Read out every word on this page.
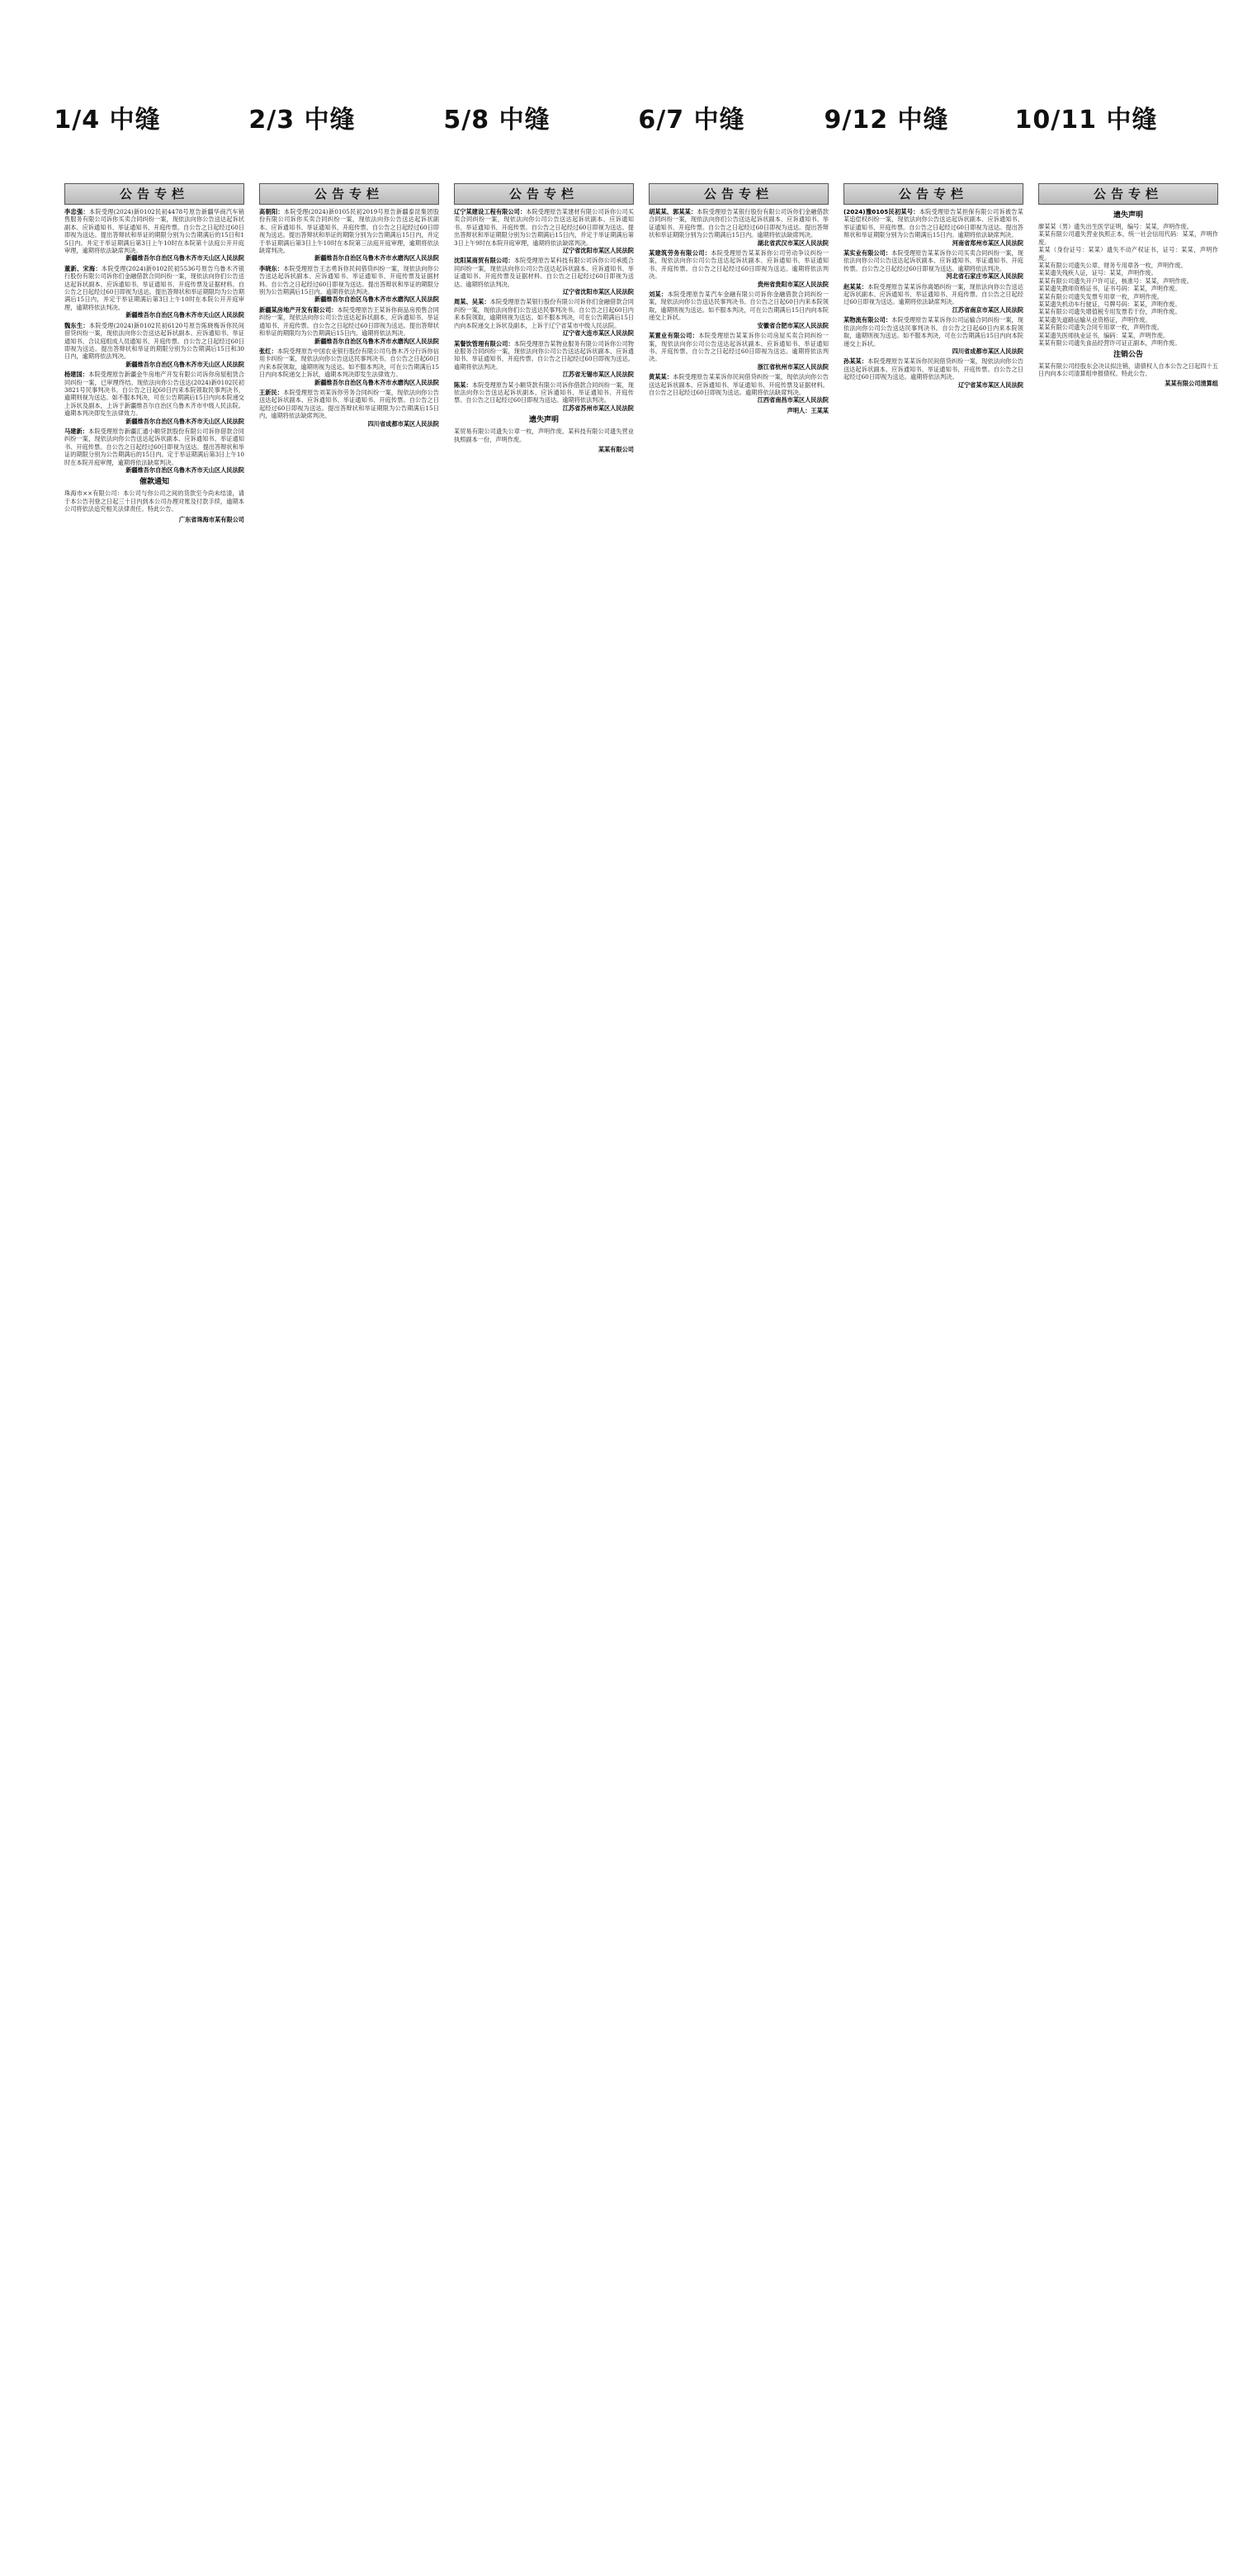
1/4 中缝	2/3 中缝	5/8 中缝	6/7 中缝	9/12 中缝	10/11 中缝
公告专栏

李忠强：本院受理(2024)新0102民初4478号原告新疆华商汽车销售服务有限公司诉你买卖合同纠纷一案，现依法向你公告送达起诉状副本、应诉通知书、举证通知书、开庭传票。自公告之日起经过60日即视为送达。提出答辩状和举证的期限分别为公告期满后的15日和15日内。并定于举证期满后第3日上午10时在本院第十法庭公开开庭审理，逾期将依法缺席判决。
新疆维吾尔自治区乌鲁木齐市天山区人民法院

董新、宋海：本院受理(2024)新0102民初5536号原告乌鲁木齐银行股份有限公司诉你们金融借款合同纠纷一案，现依法向你们公告送达起诉状副本、应诉通知书、举证通知书、开庭传票及证据材料。自公告之日起经过60日即视为送达。提出答辩状和举证期限均为公告期满后15日内，并定于举证期满后第3日上午10时在本院公开开庭审理，逾期将依法判决。
新疆维吾尔自治区乌鲁木齐市天山区人民法院

魏东生：本院受理(2024)新0102民初6120号原告陈晓梅诉你民间借贷纠纷一案，现依法向你公告送达起诉状副本、应诉通知书、举证通知书、合议庭组成人员通知书、开庭传票。自公告之日起经过60日即视为送达。提出答辩状和举证的期限分别为公告期满后15日和30日内，逾期将依法判决。
新疆维吾尔自治区乌鲁木齐市天山区人民法院

杨建国：本院受理原告新疆金牛房地产开发有限公司诉你房屋租赁合同纠纷一案，已审理终结。现依法向你公告送达(2024)新0102民初3821号民事判决书。自公告之日起60日内来本院领取民事判决书，逾期则视为送达。如不服本判决，可在公告期满后15日内向本院递交上诉状及副本，上诉于新疆维吾尔自治区乌鲁木齐市中级人民法院。逾期本判决即发生法律效力。
新疆维吾尔自治区乌鲁木齐市天山区人民法院

马建新：本院受理原告新疆汇通小额贷款股份有限公司诉你借款合同纠纷一案，现依法向你公告送达起诉状副本、应诉通知书、举证通知书、开庭传票。自公告之日起经过60日即视为送达。提出答辩状和举证的期限分别为公告期满后的15日内。定于举证期满后第3日上午10时在本院开庭审理，逾期将依法缺席判决。
新疆维吾尔自治区乌鲁木齐市天山区人民法院

催款通知

珠海市××有限公司：本公司与你公司之间的货款至今尚未结清，请于本公告刊登之日起三十日内到本公司办理对账及付款手续，逾期本公司将依法追究相关法律责任。特此公告。

广东省珠海市某有限公司
公告专栏

高朝阳：本院受理(2024)新0105民初2019号原告新疆泰昆集团股份有限公司诉你买卖合同纠纷一案，现依法向你公告送达起诉状副本、应诉通知书、举证通知书、开庭传票。自公告之日起经过60日即视为送达。提出答辩状和举证的期限分别为公告期满后15日内，并定于举证期满后第3日上午10时在本院第三法庭开庭审理，逾期将依法缺席判决。
新疆维吾尔自治区乌鲁木齐市水磨沟区人民法院

李晓东：本院受理原告王志勇诉你民间借贷纠纷一案，现依法向你公告送达起诉状副本、应诉通知书、举证通知书、开庭传票及证据材料。自公告之日起经过60日即视为送达。提出答辩状和举证的期限分别为公告期满后15日内。逾期将依法判决。
新疆维吾尔自治区乌鲁木齐市水磨沟区人民法院

新疆某房地产开发有限公司：本院受理原告王某诉你商品房预售合同纠纷一案，现依法向你公司公告送达起诉状副本、应诉通知书、举证通知书、开庭传票。自公告之日起经过60日即视为送达。提出答辩状和举证的期限均为公告期满后15日内。逾期将依法判决。
新疆维吾尔自治区乌鲁木齐市水磨沟区人民法院

张红：本院受理原告中国农业银行股份有限公司乌鲁木齐分行诉你信用卡纠纷一案，现依法向你公告送达民事判决书。自公告之日起60日内来本院领取，逾期则视为送达。如不服本判决，可在公告期满后15日内向本院递交上诉状，逾期本判决即发生法律效力。
新疆维吾尔自治区乌鲁木齐市水磨沟区人民法院

王新民：本院受理原告刘某诉你劳务合同纠纷一案，现依法向你公告送达起诉状副本、应诉通知书、举证通知书、开庭传票。自公告之日起经过60日即视为送达。提出答辩状和举证期限为公告期满后15日内，逾期将依法缺席判决。
四川省成都市某区人民法院

公告专栏

辽宁某建设工程有限公司：本院受理原告某建材有限公司诉你公司买卖合同纠纷一案，现依法向你公司公告送达起诉状副本、应诉通知书、举证通知书、开庭传票。自公告之日起经过60日即视为送达。提出答辩状和举证期限分别为公告期满后15日内，并定于举证期满后第3日上午9时在本院开庭审理，逾期将依法缺席判决。
辽宁省沈阳市某区人民法院

沈阳某商贸有限公司：本院受理原告某科技有限公司诉你公司承揽合同纠纷一案，现依法向你公司公告送达起诉状副本、应诉通知书、举证通知书、开庭传票及证据材料。自公告之日起经过60日即视为送达。逾期将依法判决。
辽宁省沈阳市某区人民法院

周某、吴某：本院受理原告某银行股份有限公司诉你们金融借款合同纠纷一案，现依法向你们公告送达民事判决书。自公告之日起60日内来本院领取，逾期则视为送达。如不服本判决，可在公告期满后15日内向本院递交上诉状及副本，上诉于辽宁省某市中级人民法院。
辽宁省大连市某区人民法院

某餐饮管理有限公司：本院受理原告某物业服务有限公司诉你公司物业服务合同纠纷一案，现依法向你公司公告送达起诉状副本、应诉通知书、举证通知书、开庭传票。自公告之日起经过60日即视为送达。逾期将依法判决。
江苏省无锡市某区人民法院

陈某：本院受理原告某小额贷款有限公司诉你借款合同纠纷一案，现依法向你公告送达起诉状副本、应诉通知书、举证通知书、开庭传票。自公告之日起经过60日即视为送达。逾期将依法判决。
江苏省苏州市某区人民法院

遗失声明

某贸易有限公司遗失公章一枚，声明作废。某科技有限公司遗失营业执照副本一份，声明作废。

某某有限公司
公告专栏

胡某某、郭某某：本院受理原告某银行股份有限公司诉你们金融借款合同纠纷一案，现依法向你们公告送达起诉状副本、应诉通知书、举证通知书、开庭传票。自公告之日起经过60日即视为送达。提出答辩状和举证期限分别为公告期满后15日内。逾期将依法缺席判决。
湖北省武汉市某区人民法院

某建筑劳务有限公司：本院受理原告某某诉你公司劳动争议纠纷一案，现依法向你公司公告送达起诉状副本、应诉通知书、举证通知书、开庭传票。自公告之日起经过60日即视为送达。逾期将依法判决。
贵州省贵阳市某区人民法院

刘某：本院受理原告某汽车金融有限公司诉你金融借款合同纠纷一案，现依法向你公告送达民事判决书。自公告之日起60日内来本院领取，逾期则视为送达。如不服本判决，可在公告期满后15日内向本院递交上诉状。
安徽省合肥市某区人民法院

某置业有限公司：本院受理原告某某诉你公司房屋买卖合同纠纷一案，现依法向你公司公告送达起诉状副本、应诉通知书、举证通知书、开庭传票。自公告之日起经过60日即视为送达。逾期将依法判决。
浙江省杭州市某区人民法院

黄某某：本院受理原告某某诉你民间借贷纠纷一案，现依法向你公告送达起诉状副本、应诉通知书、举证通知书、开庭传票及证据材料。自公告之日起经过60日即视为送达。逾期将依法缺席判决。
江西省南昌市某区人民法院

声明人：王某某
公告专栏

(2024)豫0105民初某号：本院受理原告某担保有限公司诉被告某某追偿权纠纷一案，现依法向你公告送达起诉状副本、应诉通知书、举证通知书、开庭传票。自公告之日起经过60日即视为送达。提出答辩状和举证期限分别为公告期满后15日内。逾期将依法缺席判决。
河南省郑州市某区人民法院

某实业有限公司：本院受理原告某某诉你公司买卖合同纠纷一案，现依法向你公司公告送达起诉状副本、应诉通知书、举证通知书、开庭传票。自公告之日起经过60日即视为送达。逾期将依法判决。
河北省石家庄市某区人民法院

赵某某：本院受理原告某某诉你离婚纠纷一案，现依法向你公告送达起诉状副本、应诉通知书、举证通知书、开庭传票。自公告之日起经过60日即视为送达。逾期将依法缺席判决。
江苏省南京市某区人民法院

某物流有限公司：本院受理原告某某诉你公司运输合同纠纷一案，现依法向你公司公告送达民事判决书。自公告之日起60日内来本院领取，逾期则视为送达。如不服本判决，可在公告期满后15日内向本院递交上诉状。
四川省成都市某区人民法院

孙某某：本院受理原告某某诉你民间借贷纠纷一案，现依法向你公告送达起诉状副本、应诉通知书、举证通知书、开庭传票。自公告之日起经过60日即视为送达。逾期将依法判决。
辽宁省某市某区人民法院

公告专栏
遗失声明
廖某某（男）遗失出生医学证明，编号：某某，声明作废。
某某有限公司遗失营业执照正本，统一社会信用代码：某某，声明作废。
某某（身份证号：某某）遗失不动产权证书，证号：某某，声明作废。
某某有限公司遗失公章、财务专用章各一枚，声明作废。
某某遗失残疾人证，证号：某某，声明作废。
某某有限公司遗失开户许可证，核准号：某某，声明作废。
某某遗失教师资格证书，证书号码：某某，声明作废。
某某有限公司遗失发票专用章一枚，声明作废。
某某遗失机动车行驶证，号牌号码：某某，声明作废。
某某有限公司遗失增值税专用发票若干份，声明作废。
某某遗失道路运输从业资格证，声明作废。
某某有限公司遗失合同专用章一枚，声明作废。
某某遗失医师执业证书，编码：某某，声明作废。
某某有限公司遗失食品经营许可证正副本，声明作废。
注销公告

某某有限公司经股东会决议拟注销，请债权人自本公告之日起四十五日内向本公司清算组申报债权。特此公告。

某某有限公司清算组
